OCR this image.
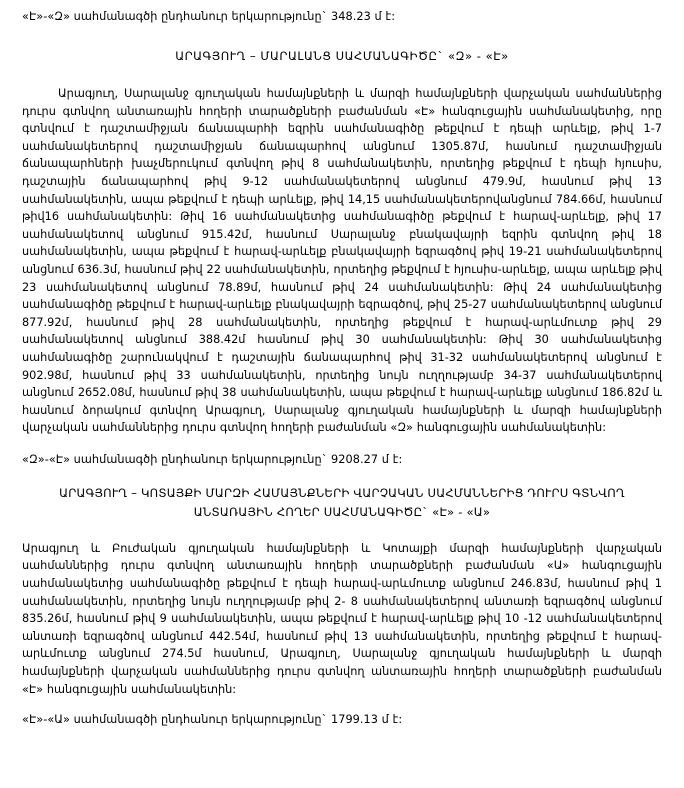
«Է»-«Զ» սահմանագծի ընդհանուր երկարությունը` 348.23 մ է:

ԱՐԱԳՅՈՒՂ – ՄԱՐԱԼԱՆՑ ՍԱՀՄԱՆԱԳԻԾԸ` «Զ» - «Է»

Արագյուղ, Սարալանջ գյուղական համայնքների և մարզի համայնքների վարչական սահմաններից դուրս գտնվող անտառային հողերի տարածքների բաժանման «Է» հանգուցային սահմանակետից, որը գտնվում է դաշտամիջյան ճանապարհի եզրին սահմանագիծը թեքվում է դեպի արևելք, թիվ 1-7 սահմանակետերով դաշտամիջյան ճանապարհով անցնում 1305.87մ, հասնում դաշտամիջյան ճանապարհների խաչմերուկում գտնվող թիվ 8 սահմանակետին, որտեղից թեքվում է դեպի հյուսիս, դաշտային ճանապարհով թիվ 9-12 սահմանակետերով անցնում 479.9մ, հասնում թիվ 13 սահմանակետին, ապա թեքվում է դեպի արևելք, թիվ 14,15 սահմանակետերովանցնում 784.66մ, հասնում թիվ16 սահմանակետին: Թիվ 16 սահմանակետից սահմանագիծը թեքվում է հարավ-արևելք, թիվ 17 սահմանակետով անցնում 915.42մ, հասնում Սարալանջ բնակավայրի եզրին գտնվող թիվ 18 սահմանակետին, ապա թեքվում է հարավ-արևելք բնակավայրի եզրագծով թիվ 19-21 սահմանակետերով անցնում 636.3մ, հասնում թիվ 22 սահմանակետին, որտեղից թեքվում է հյուսիս-արևելք, ապա արևելք թիվ 23 սահմանակետով անցնում 78.89մ, հասնում թիվ 24 սահմանակետին: Թիվ 24 սահմանակետից սահմանագիծը թեքվում է հարավ-արևելք բնակավայրի եզրագծով, թիվ 25-27 սահմանակետերով անցնում 877.92մ, հասնում թիվ 28 սահմանակետին, որտեղից թեքվում է հարավ-արևմուտք թիվ 29 սահմանակետով անցնում 388.42մ հասնում թիվ 30 սահմանակետին: Թիվ 30 սահմանակետից սահմանագիծը շարունակվում է դաշտային ճանապարհով թիվ 31-32 սահմանակետերով անցնում է 902.98մ, հասնում թիվ 33 սահմանակետին, որտեղից նույն ուղղությամբ 34-37 սահմանակետերով անցնում 2652.08մ, հասնում թիվ 38 սահմանակետին, ապա թեքվում է հարավ-արևելք անցնում 186.82մ և հասնում ձորակում գտնվող Արագյուղ, Սարալանջ գյուղական համայնքների և մարզի համայնքների վարչական սահմաններից դուրս գտնվող հողերի բաժանման «Զ» հանգուցային սահմանակետին:

«Զ»-«Է» սահմանագծի ընդհանուր երկարությունը` 9208.27 մ է:

ԱՐԱԳՅՈՒՂ – ԿՈՏԱՅՔԻ ՄԱՐԶԻ ՀԱՄԱՅՆՔՆԵՐԻ ՎԱՐՉԱԿԱՆ ՍԱՀՄԱՆՆԵՐԻՑ ԴՈՒՐՍ ԳՏՆՎՈՂ
ԱՆՏԱՌԱՅԻՆ ՀՈՂԵՐ ՍԱՀՄԱՆԱԳԻԾԸ` «Է» - «Ա»

Արագյուղ և Բուժական գյուղական համայնքների և Կոտայքի մարզի համայնքների վարչական սահմաններից դուրս գտնվող անտառային հողերի տարածքների բաժանման «Ա» հանգուցային սահմանակետից սահմանագիծը թեքվում է դեպի հարավ-արևմուտք անցնում 246.83մ, հասնում թիվ 1 սահմանակետին, որտեղից նույն ուղղությամբ թիվ 2- 8 սահմանակետերով անտառի եզրագծով անցնում 835.26մ, հասնում թիվ 9 սահմանակետին, ապա թեքվում է հարավ-արևելք թիվ 10 -12 սահմանակետերով անտառի եզրագծով անցնում 442.54մ, հասնում թիվ 13 սահմանակետին, որտեղից թեքվում է հարավ-արևմուտք անցնում 274.5մ հասնում, Արագյուղ, Սարալանջ գյուղական համայնքների և մարզի համայնքների վարչական սահմաններից դուրս գտնվող անտառային հողերի տարածքների բաժանման «Է» հանգուցային սահմանակետին:

«Է»-«Ա» սահմանագծի ընդհանուր երկարությունը` 1799.13 մ է:
